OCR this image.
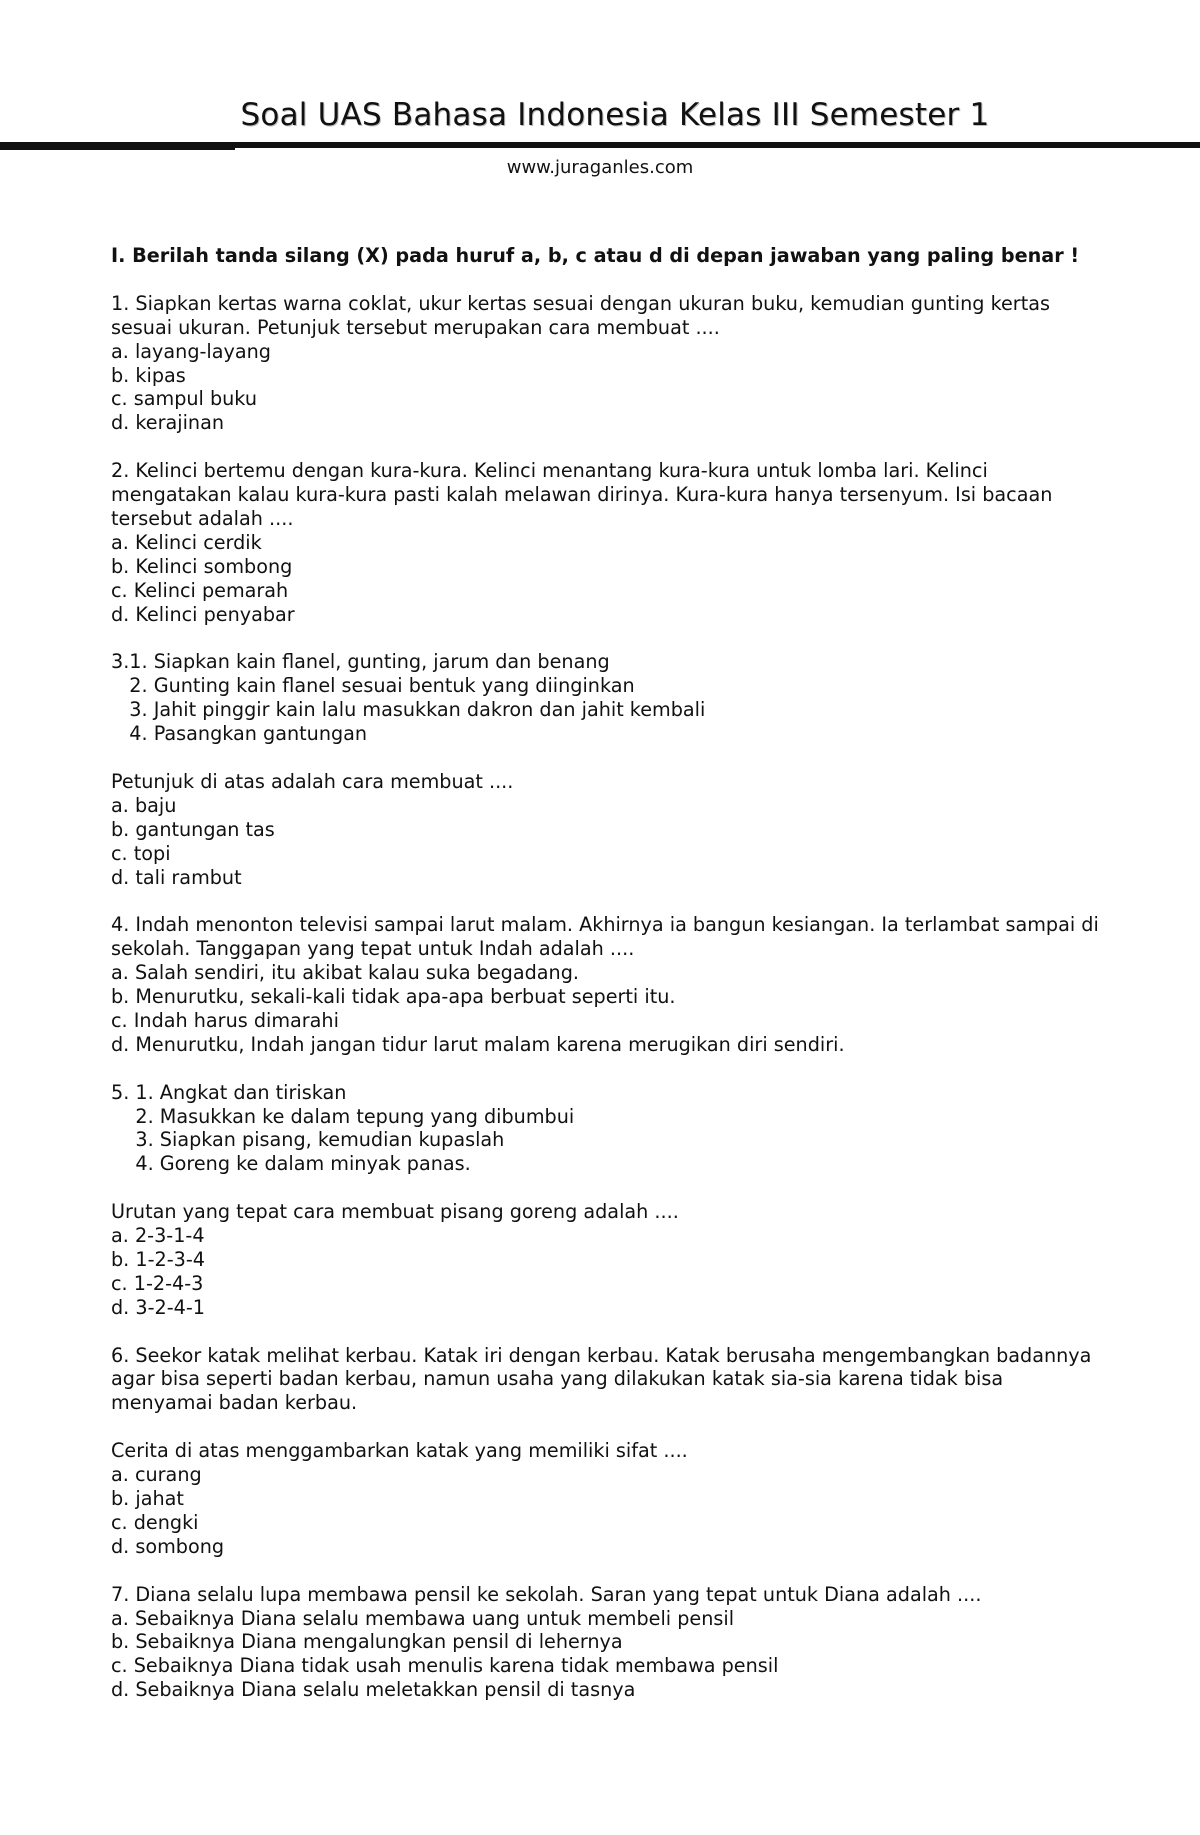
Soal UAS Bahasa Indonesia Kelas III Semester 1
www.juraganles.com
I. Berilah tanda silang (X) pada huruf a, b, c atau d di depan jawaban yang paling benar !
1. Siapkan kertas warna coklat, ukur kertas sesuai dengan ukuran buku, kemudian gunting kertas sesuai ukuran. Petunjuk tersebut merupakan cara membuat ....
a. layang-layang
b. kipas
c. sampul buku
d. kerajinan
2. Kelinci bertemu dengan kura-kura. Kelinci menantang kura-kura untuk lomba lari. Kelinci mengatakan kalau kura-kura pasti kalah melawan dirinya. Kura-kura hanya tersenyum. Isi bacaan tersebut adalah ....
a. Kelinci cerdik
b. Kelinci sombong
c. Kelinci pemarah
d. Kelinci penyabar
3.1. Siapkan kain flanel, gunting, jarum dan benang
2. Gunting kain flanel sesuai bentuk yang diinginkan
3. Jahit pinggir kain lalu masukkan dakron dan jahit kembali
4. Pasangkan gantungan
Petunjuk di atas adalah cara membuat ....
a. baju
b. gantungan tas
c. topi
d. tali rambut
4. Indah menonton televisi sampai larut malam. Akhirnya ia bangun kesiangan. Ia terlambat sampai di sekolah. Tanggapan yang tepat untuk Indah adalah ....
a. Salah sendiri, itu akibat kalau suka begadang.
b. Menurutku, sekali-kali tidak apa-apa berbuat seperti itu.
c. Indah harus dimarahi
d. Menurutku, Indah jangan tidur larut malam karena merugikan diri sendiri.
5. 1. Angkat dan tiriskan
2. Masukkan ke dalam tepung yang dibumbui
3. Siapkan pisang, kemudian kupaslah
4. Goreng ke dalam minyak panas.
Urutan yang tepat cara membuat pisang goreng adalah ....
a. 2-3-1-4
b. 1-2-3-4
c. 1-2-4-3
d. 3-2-4-1
6. Seekor katak melihat kerbau. Katak iri dengan kerbau. Katak berusaha mengembangkan badannya agar bisa seperti badan kerbau, namun usaha yang dilakukan katak sia-sia karena tidak bisa menyamai badan kerbau.
Cerita di atas menggambarkan katak yang memiliki sifat ....
a. curang
b. jahat
c. dengki
d. sombong
7. Diana selalu lupa membawa pensil ke sekolah. Saran yang tepat untuk Diana adalah ....
a. Sebaiknya Diana selalu membawa uang untuk membeli pensil
b. Sebaiknya Diana mengalungkan pensil di lehernya
c. Sebaiknya Diana tidak usah menulis karena tidak membawa pensil
d. Sebaiknya Diana selalu meletakkan pensil di tasnya
